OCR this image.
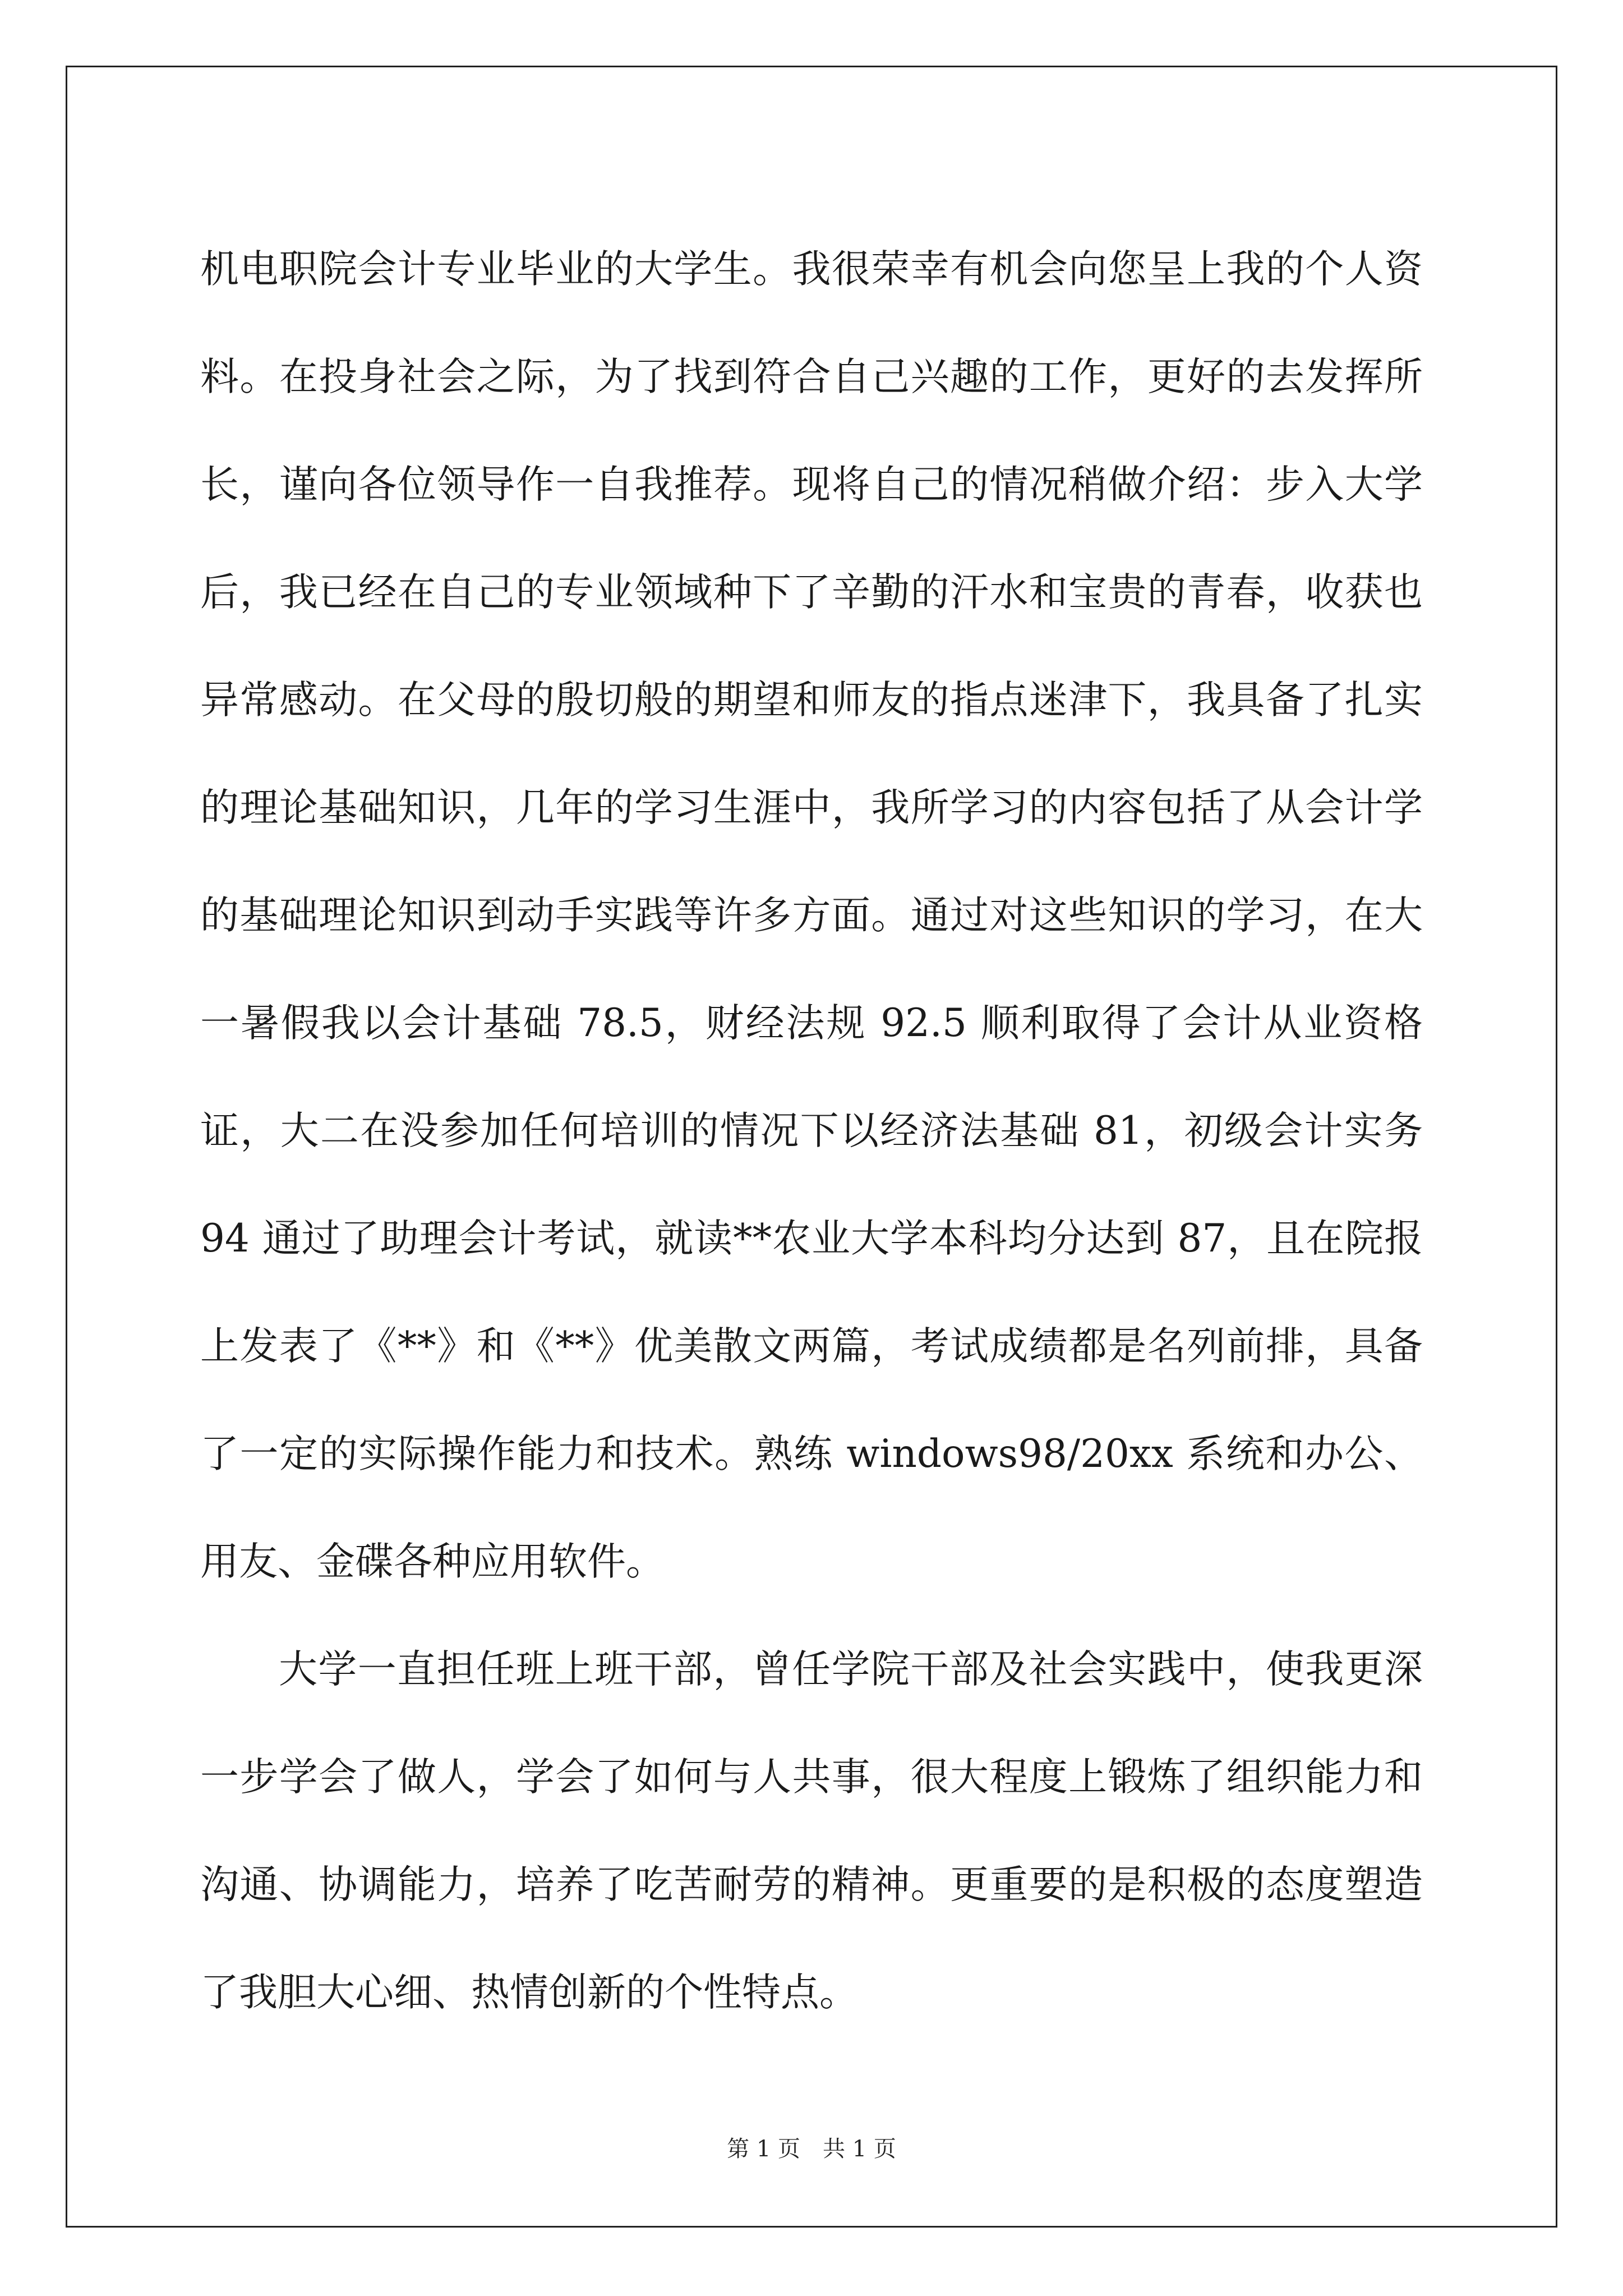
机电职院会计专业毕业的大学生。我很荣幸有机会向您呈上我的个人资料。在投身社会之际，为了找到符合自己兴趣的工作，更好的去发挥所长，谨向各位领导作一自我推荐。现将自己的情况稍做介绍：步入大学后，我已经在自己的专业领域种下了辛勤的汗水和宝贵的青春，收获也异常感动。在父母的殷切般的期望和师友的指点迷津下，我具备了扎实的理论基础知识，几年的学习生涯中，我所学习的内容包括了从会计学的基础理论知识到动手实践等许多方面。通过对这些知识的学习，在大一暑假我以会计基础 78.5，财经法规 92.5 顺利取得了会计从业资格证，大二在没参加任何培训的情况下以经济法基础 81，初级会计实务 94 通过了助理会计考试，就读**农业大学本科均分达到 87，且在院报上发表了《**》和《**》优美散文两篇，考试成绩都是名列前排，具备了一定的实际操作能力和技术。熟练 windows98/20xx 系统和办公、用友、金碟各种应用软件。

大学一直担任班上班干部，曾任学院干部及社会实践中，使我更深一步学会了做人，学会了如何与人共事，很大程度上锻炼了组织能力和沟通、协调能力，培养了吃苦耐劳的精神。更重要的是积极的态度塑造了我胆大心细、热情创新的个性特点。

第 1 页 共 1 页
